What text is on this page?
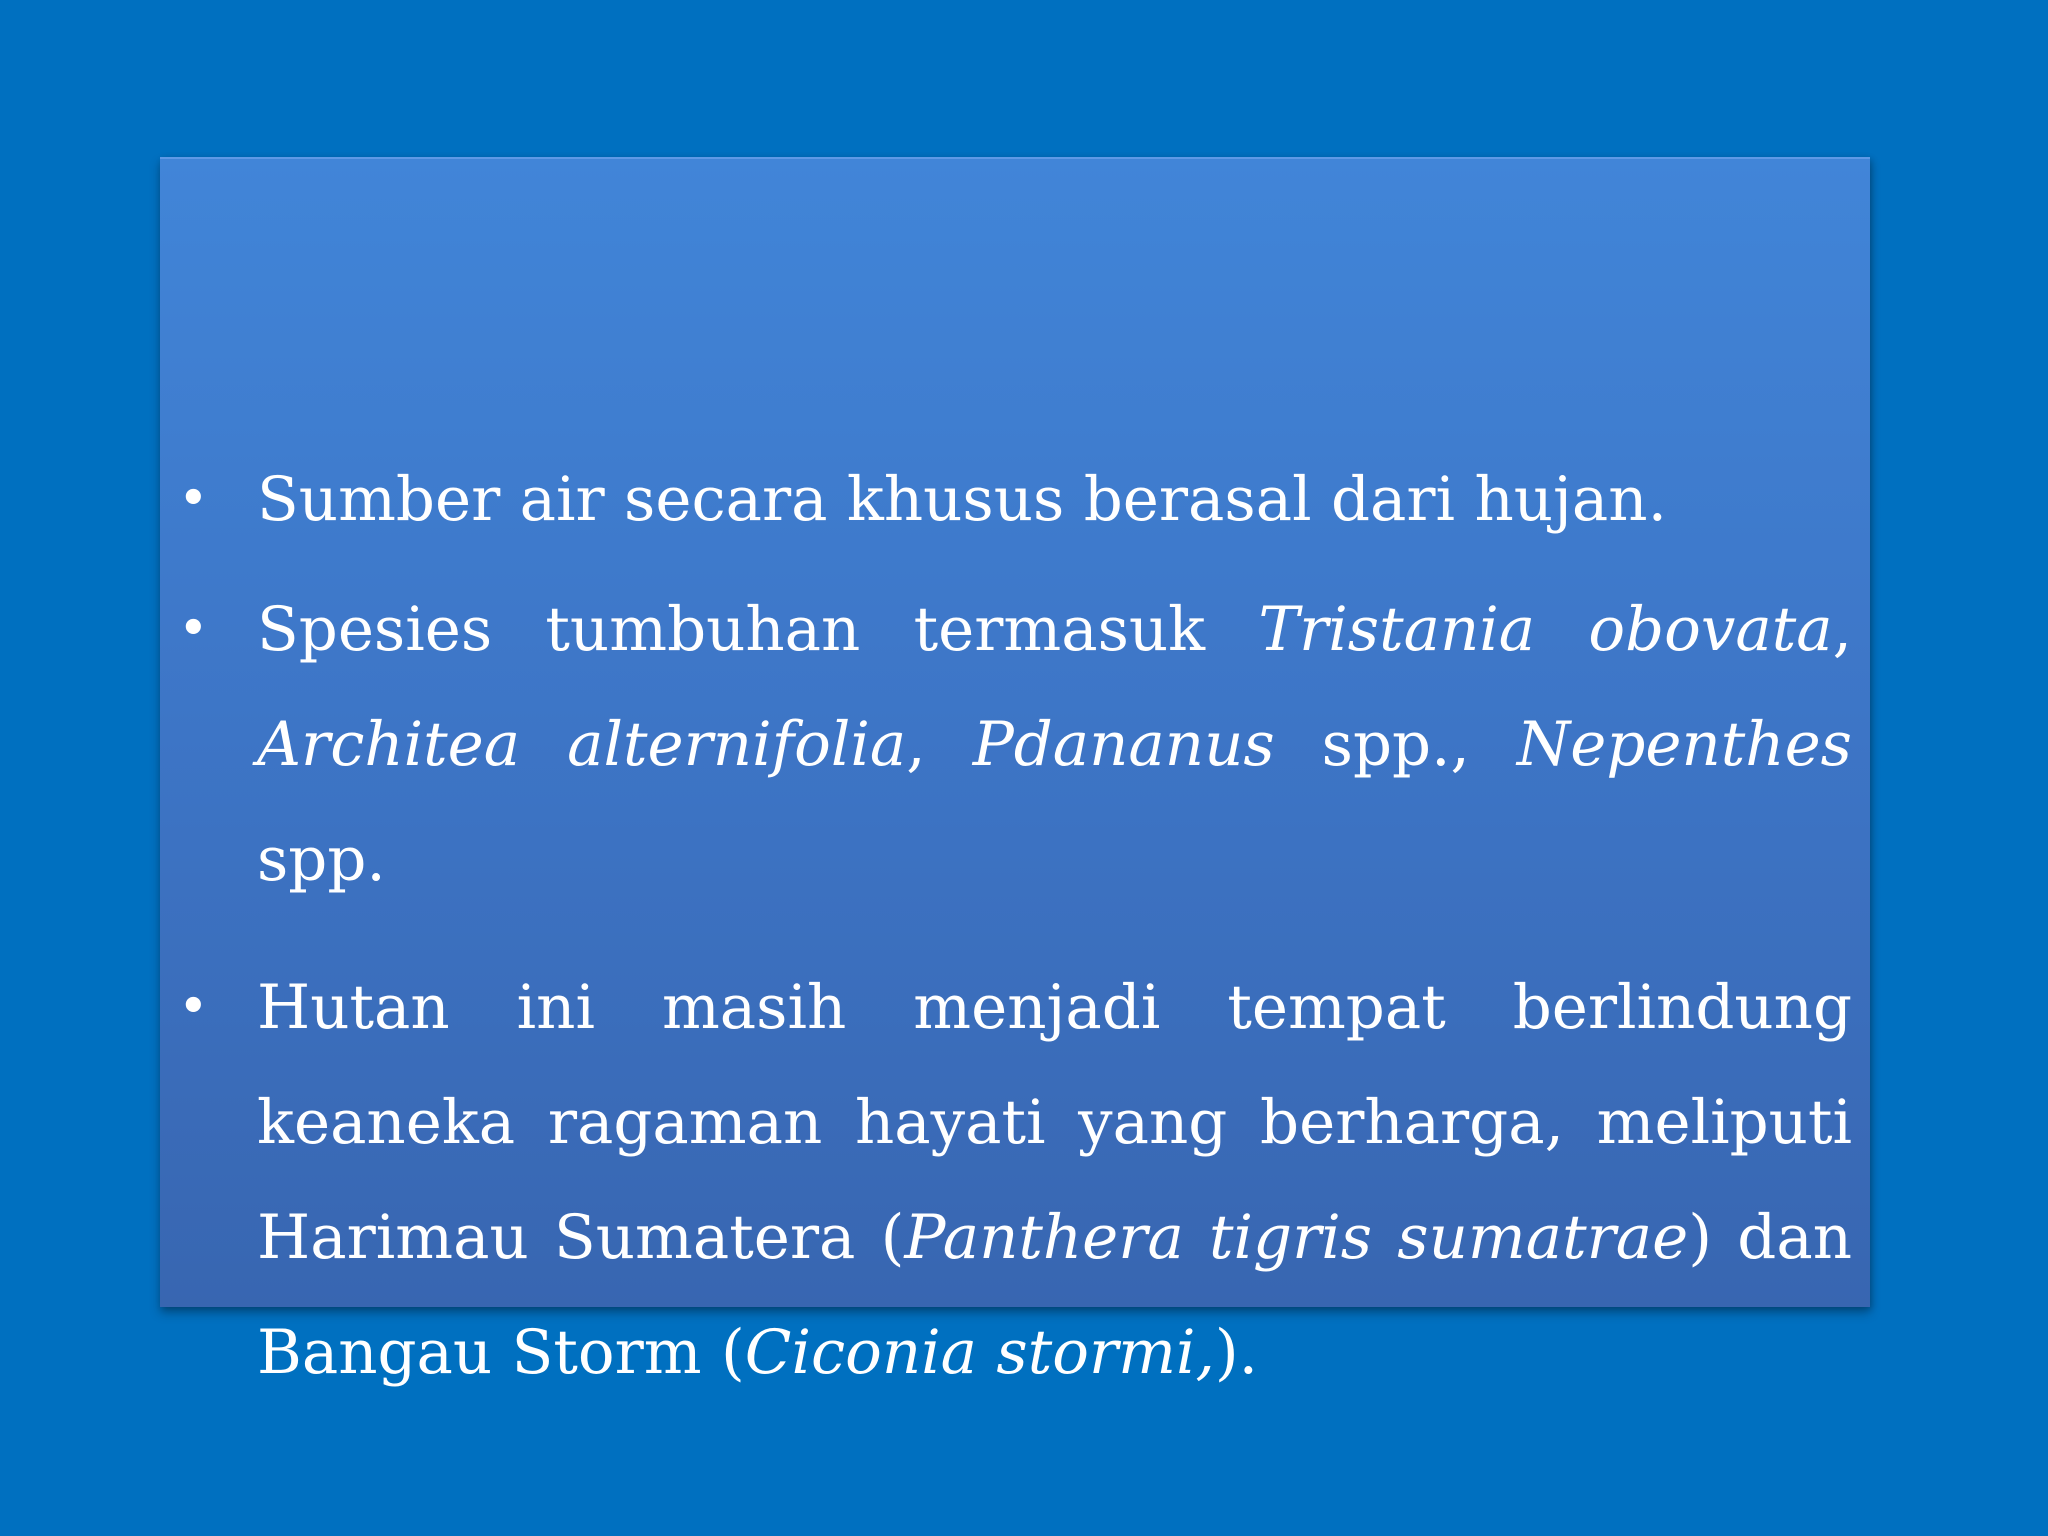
• Sumber air secara khusus berasal dari hujan.
• Spesies tumbuhan termasuk Tristania obovata, Architea alternifolia, Pdananus spp., Nepenthes spp.
• Hutan ini masih menjadi tempat berlindung keaneka ragaman hayati yang berharga, meliputi Harimau Sumatera (Panthera tigris sumatrae) dan Bangau Storm (Ciconia stormi,).
